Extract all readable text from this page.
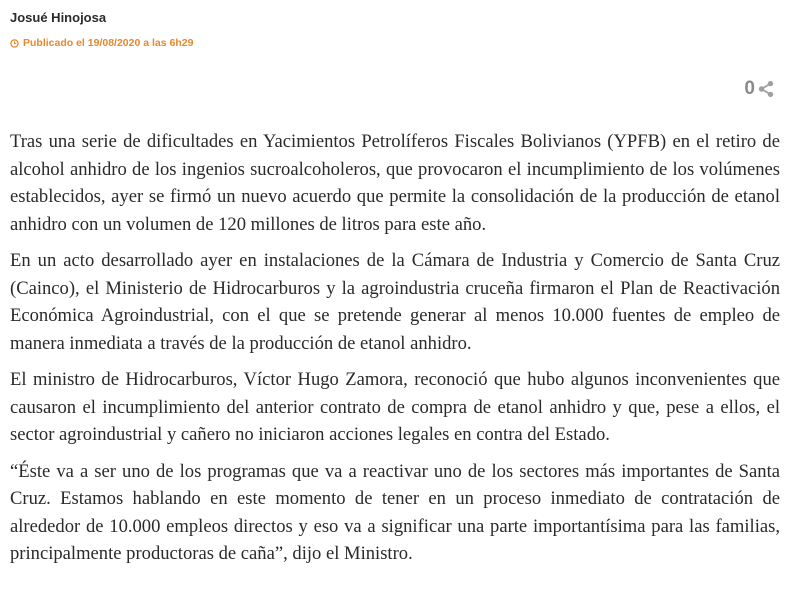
Josué Hinojosa
Publicado el 19/08/2020 a las 6h29
0

Tras una serie de dificultades en Yacimientos Petrolíferos Fiscales Bolivianos (YPFB) en el retiro de alcohol anhidro de los ingenios sucroalcoholeros, que provocaron el incumplimiento de los volúmenes establecidos, ayer se firmó un nuevo acuerdo que permite la consolidación de la producción de etanol anhidro con un volumen de 120 millones de litros para este año.

En un acto desarrollado ayer en instalaciones de la Cámara de Industria y Comercio de Santa Cruz (Cainco), el Ministerio de Hidrocarburos y la agroindustria cruceña firmaron el Plan de Reactivación Económica Agroindustrial, con el que se pretende generar al menos 10.000 fuentes de empleo de manera inmediata a través de la producción de etanol anhidro.

El ministro de Hidrocarburos, Víctor Hugo Zamora, reconoció que hubo algunos inconvenientes que causaron el incumplimiento del anterior contrato de compra de etanol anhidro y que, pese a ellos, el sector agroindustrial y cañero no iniciaron acciones legales en contra del Estado.

“Éste va a ser uno de los programas que va a reactivar uno de los sectores más importantes de Santa Cruz. Estamos hablando en este momento de tener en un proceso inmediato de contratación de alrededor de 10.000 empleos directos y eso va a significar una parte importantísima para las familias, principalmente productoras de caña”, dijo el Ministro.
